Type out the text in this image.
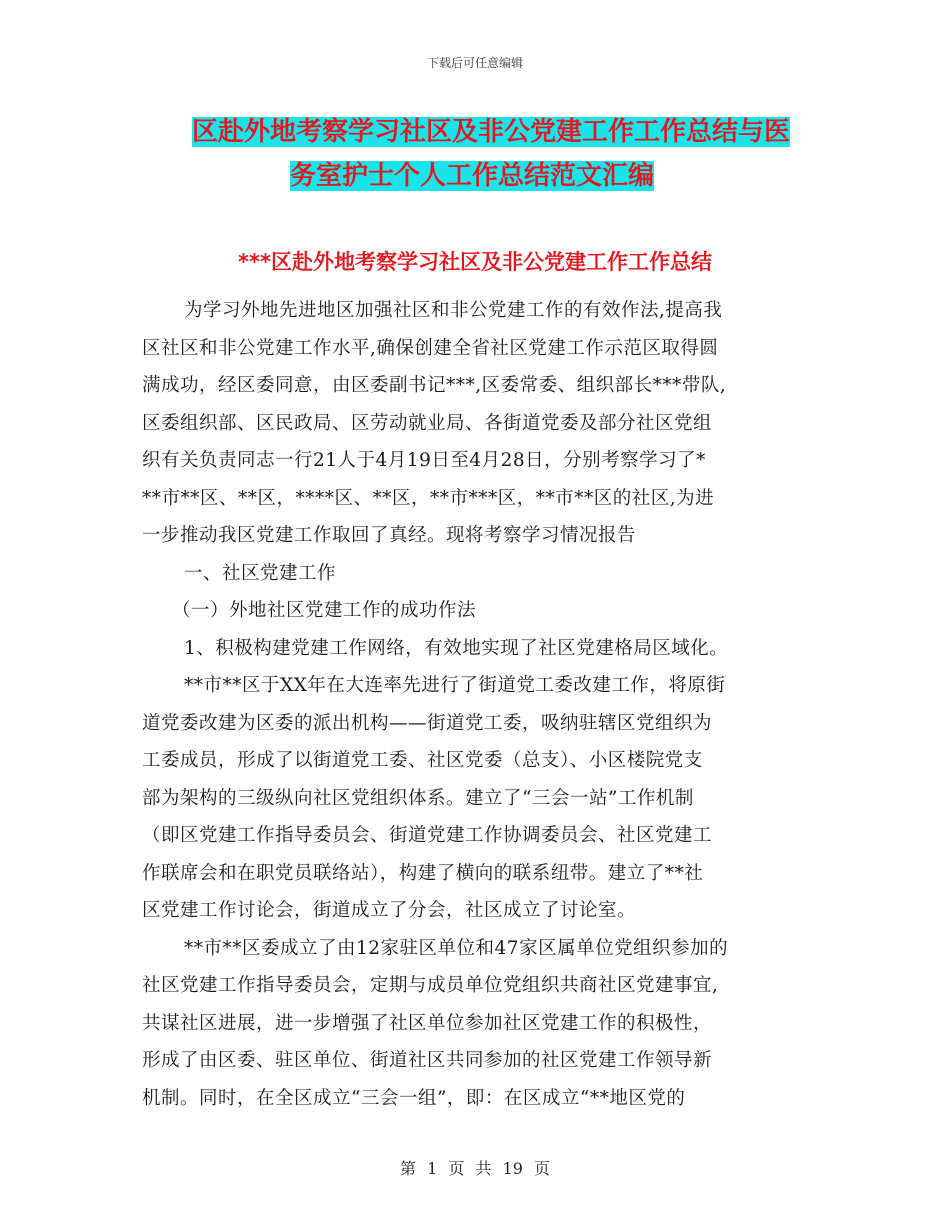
下载后可任意编辑
区赴外地考察学习社区及非公党建工作工作总结与医
务室护士个人工作总结范文汇编
***区赴外地考察学习社区及非公党建工作工作总结

为学习外地先进地区加强社区和非公党建工作的有效作法,提高我
区社区和非公党建工作水平,确保创建全省社区党建工作示范区取得圆
满成功，经区委同意，由区委副书记***,区委常委、组织部长***带队,
区委组织部、区民政局、区劳动就业局、各街道党委及部分社区党组
织有关负责同志一行21人于4月19日至4月28日，分别考察学习了*
**市**区、**区，****区、**区，**市***区，**市**区的社区,为进
一步推动我区党建工作取回了真经。现将考察学习情况报告

一、社区党建工作

（一）外地社区党建工作的成功作法

1、积极构建党建工作网络，有效地实现了社区党建格局区域化。

**市**区于XX年在大连率先进行了街道党工委改建工作，将原街
道党委改建为区委的派出机构——街道党工委，吸纳驻辖区党组织为
工委成员，形成了以街道党工委、社区党委（总支）、小区楼院党支
部为架构的三级纵向社区党组织体系。建立了“三会一站”工作机制
（即区党建工作指导委员会、街道党建工作协调委员会、社区党建工
作联席会和在职党员联络站），构建了横向的联系纽带。建立了**社
区党建工作讨论会，街道成立了分会，社区成立了讨论室。

**市**区委成立了由12家驻区单位和47家区属单位党组织参加的
社区党建工作指导委员会，定期与成员单位党组织共商社区党建事宜,
共谋社区进展，进一步增强了社区单位参加社区党建工作的积极性，
形成了由区委、驻区单位、街道社区共同参加的社区党建工作领导新
机制。同时，在全区成立“三会一组”，即：在区成立“**地区党的

第 1 页 共 19 页
